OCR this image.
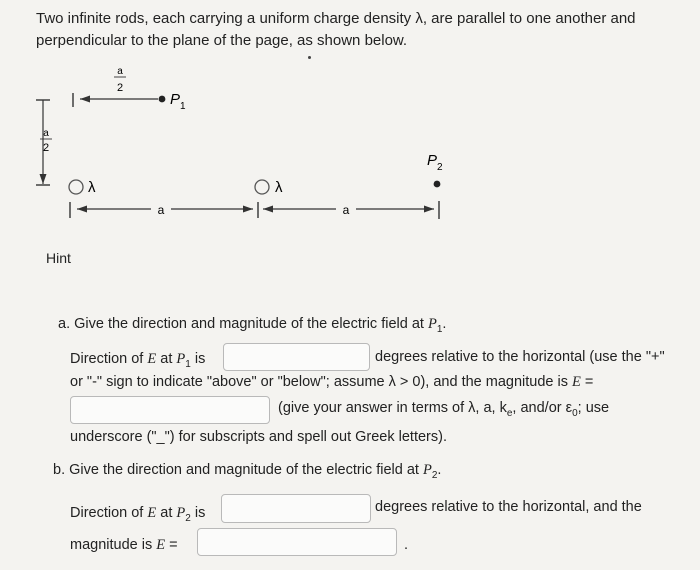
Two infinite rods, each carrying a uniform charge density λ, are parallel to one another and
perpendicular to the plane of the page, as shown below.
a
2
P 1
a
2
λ	λ
P 2
a	a
Hint
a. Give the direction and magnitude of the electric field at $P_1$.
Direction of E at $P_1$ is	degrees relative to the horizontal (use the "+"
or "-" sign to indicate "above" or "below"; assume λ > 0), and the magnitude is E =
(give your answer in terms of λ, a, $k_e$, and/or $\varepsilon_0$; use
underscore ("_") for subscripts and spell out Greek letters).
b. Give the direction and magnitude of the electric field at $P_2$.
Direction of E at $P_2$ is	degrees relative to the horizontal, and the
magnitude is E =	.
